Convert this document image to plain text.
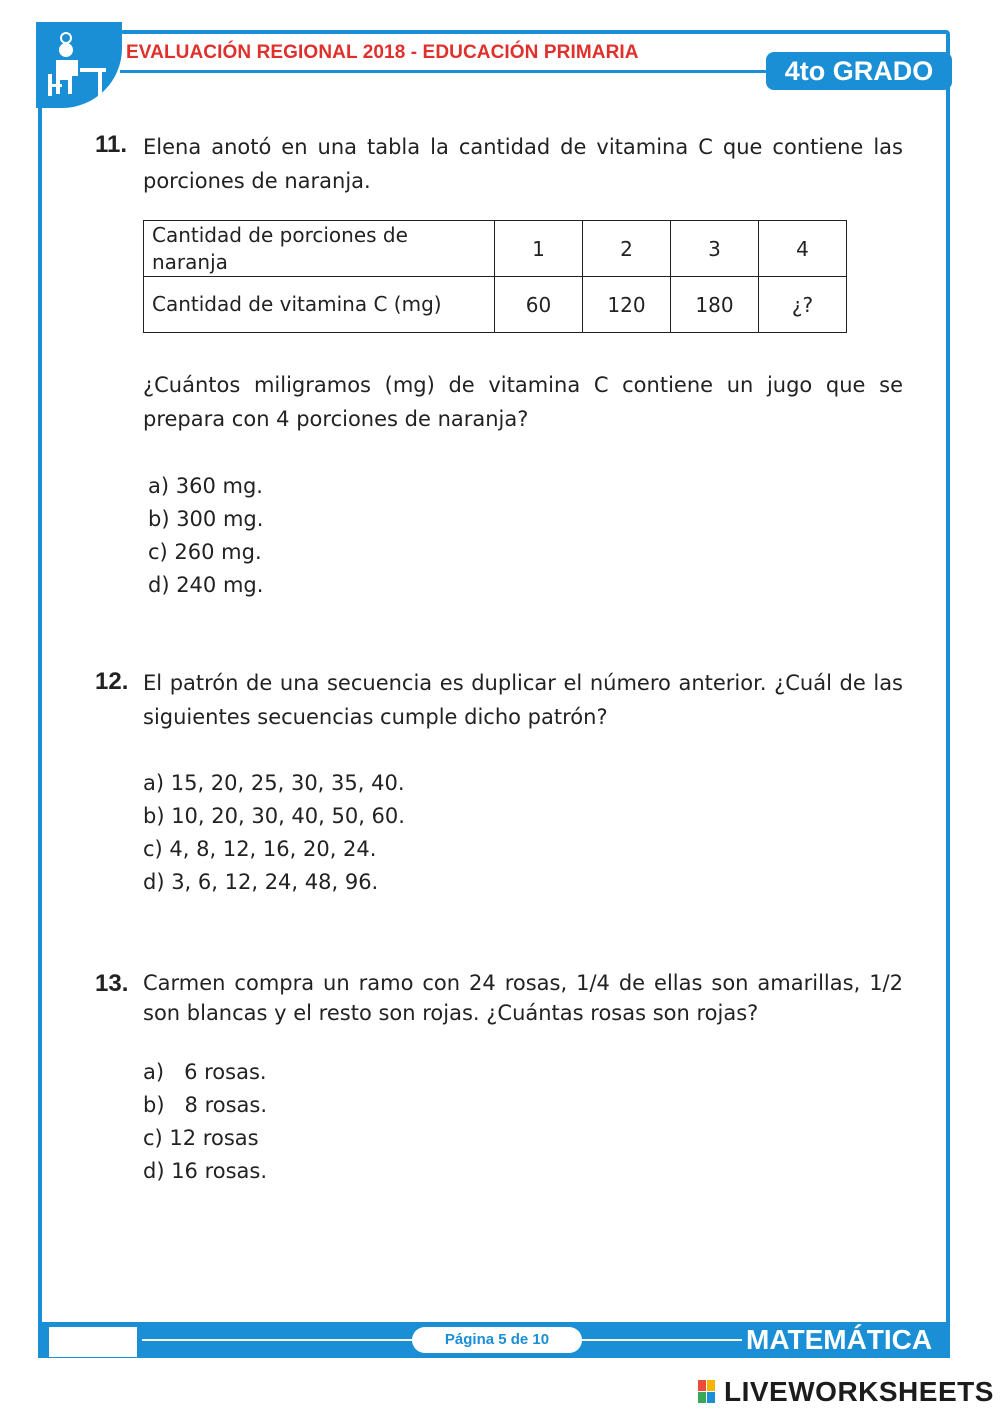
EVALUACIÓN REGIONAL 2018 - EDUCACIÓN PRIMARIA
4to GRADO
11. Elena anotó en una tabla la cantidad de vitamina C que contiene las porciones de naranja.
Cantidad de porciones de naranja	1	2	3	4
Cantidad de vitamina C (mg)	60	120	180	¿?
¿Cuántos miligramos (mg) de vitamina C contiene un jugo que se prepara con 4 porciones de naranja?
a) 360 mg.
b) 300 mg.
c) 260 mg.
d) 240 mg.
12. El patrón de una secuencia es duplicar el número anterior. ¿Cuál de las siguientes secuencias cumple dicho patrón?
a) 15, 20, 25, 30, 35, 40.
b) 10, 20, 30, 40, 50, 60.
c) 4, 8, 12, 16, 20, 24.
d) 3, 6, 12, 24, 48, 96.
13. Carmen compra un ramo con 24 rosas, 1/4 de ellas son amarillas, 1/2 son blancas y el resto son rojas. ¿Cuántas rosas son rojas?
a)   6 rosas.
b)   8 rosas.
c) 12 rosas
d) 16 rosas.
Página 5 de 10	MATEMÁTICA
LIVEWORKSHEETS
